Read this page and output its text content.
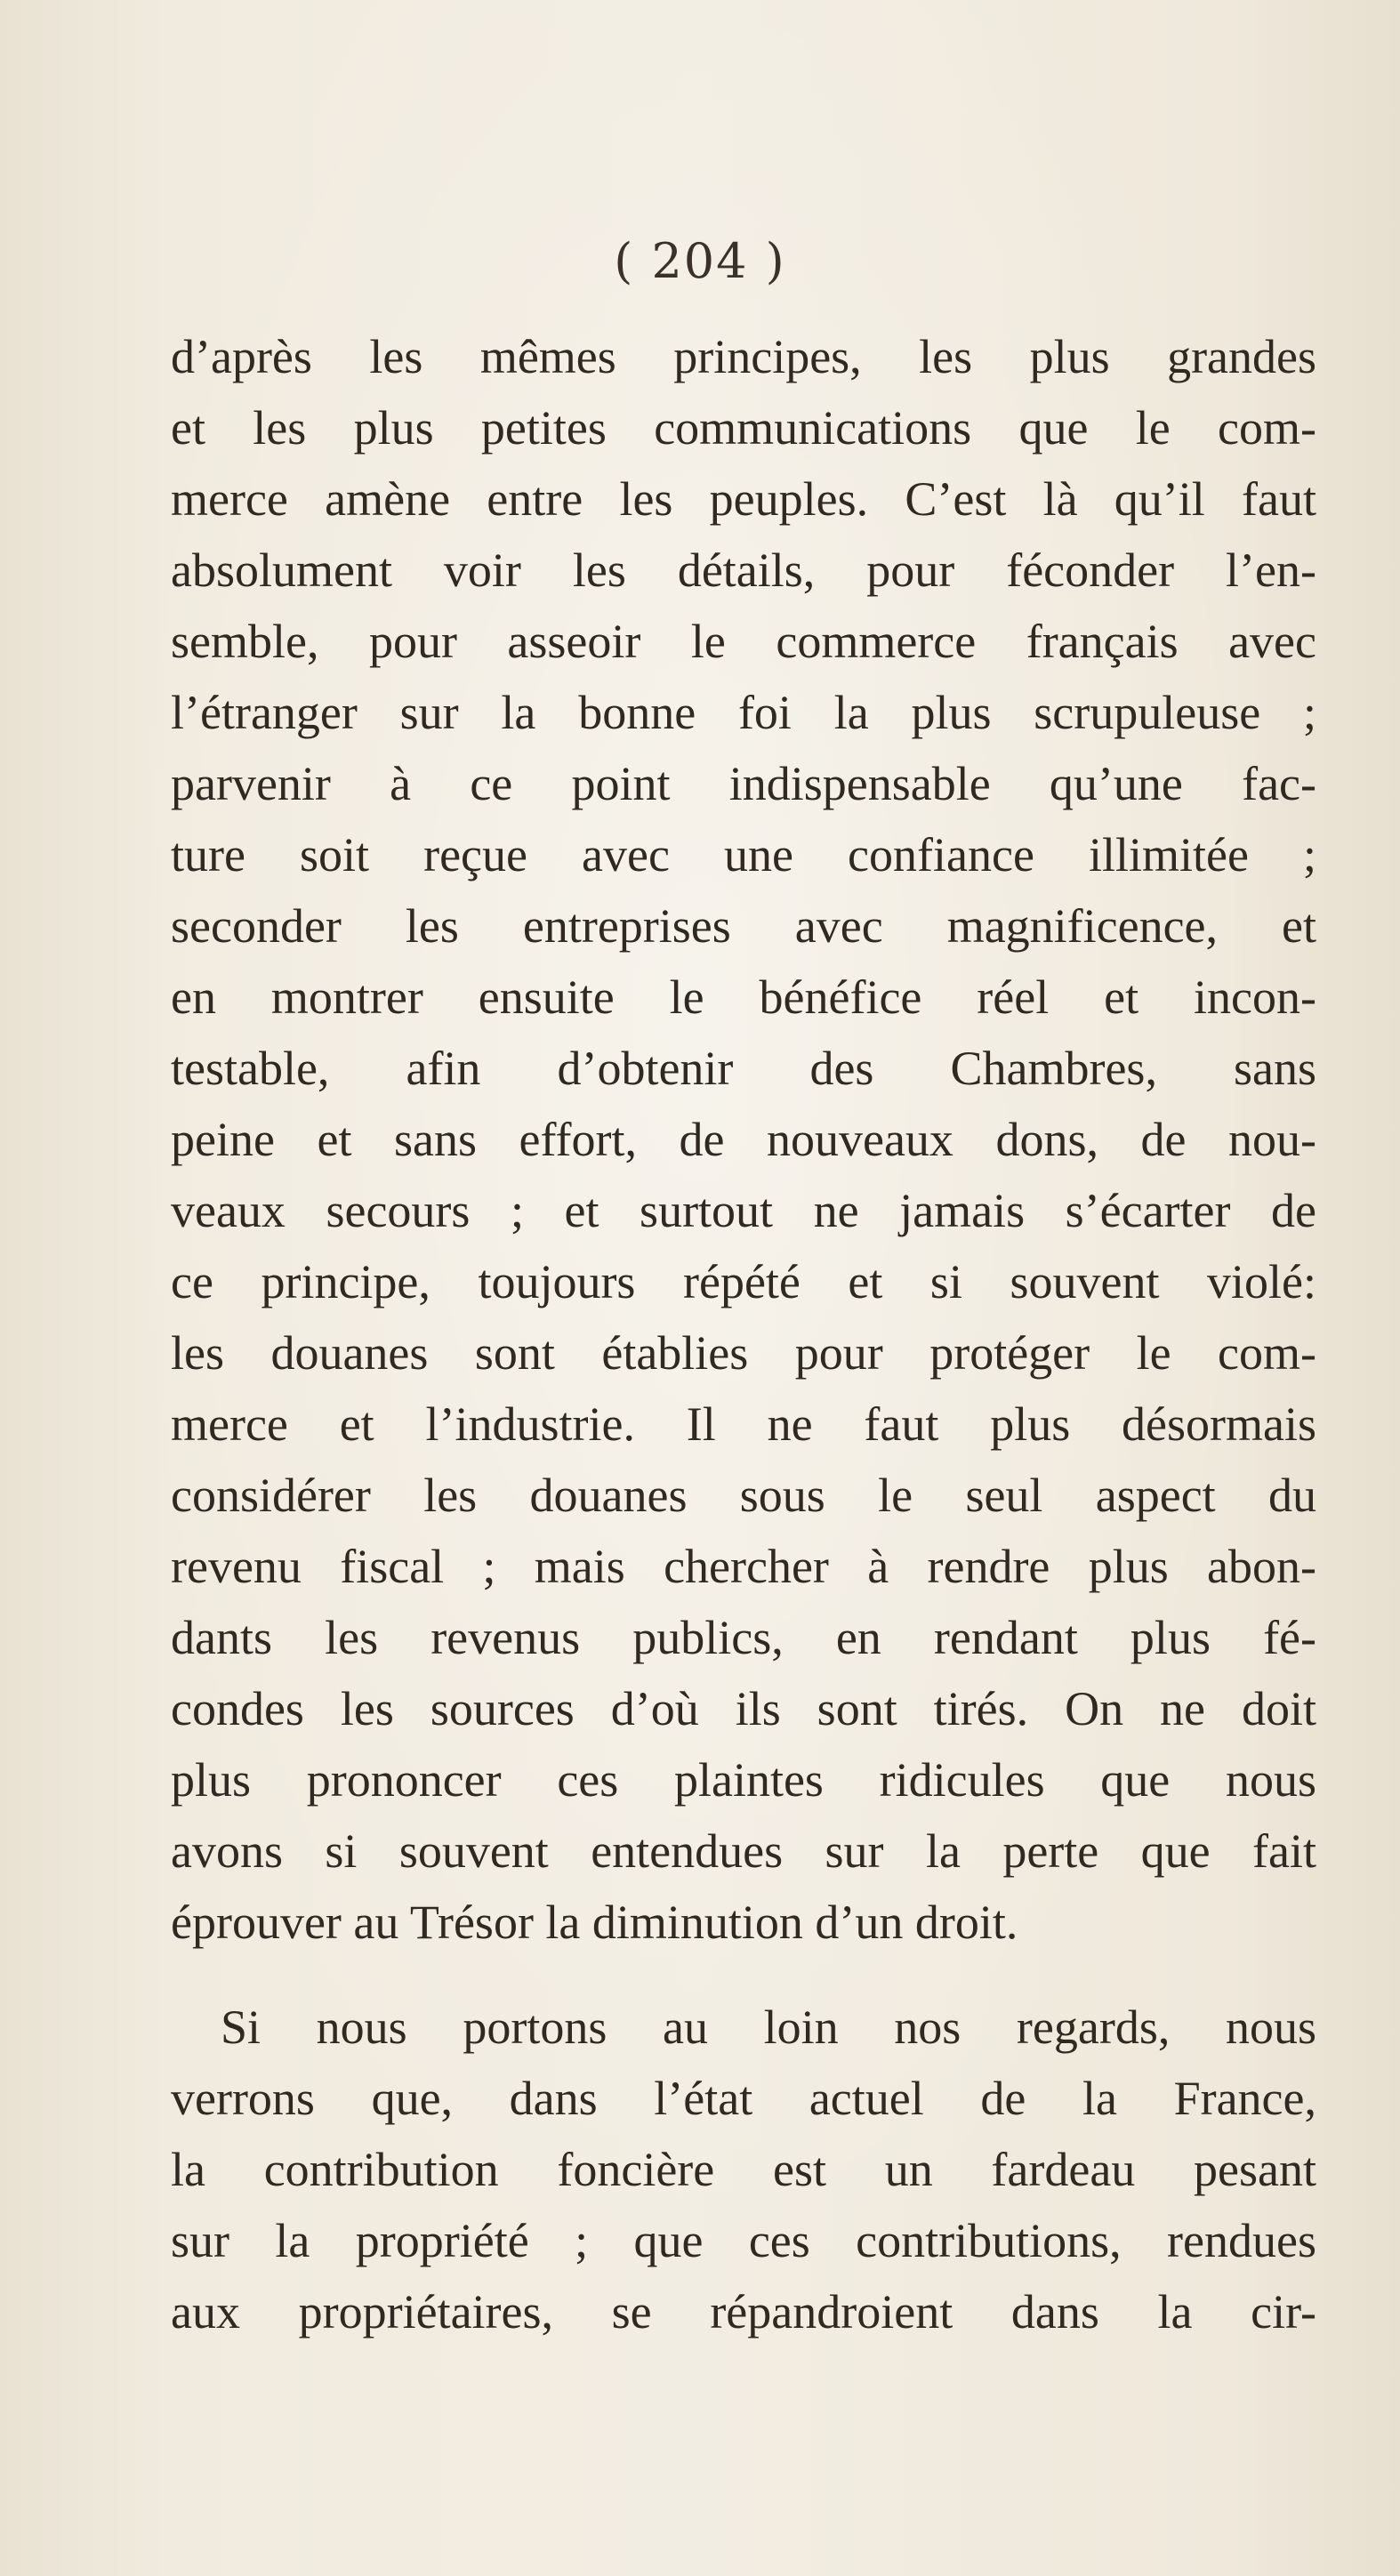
( 204 )
d’après les mêmes principes, les plus grandes
et les plus petites communications que le com-
merce amène entre les peuples. C’est là qu’il faut
absolument voir les détails, pour féconder l’en-
semble, pour asseoir le commerce français avec
l’étranger sur la bonne foi la plus scrupuleuse ;
parvenir à ce point indispensable qu’une fac-
ture soit reçue avec une confiance illimitée ;
seconder les entreprises avec magnificence, et
en montrer ensuite le bénéfice réel et incon-
testable, afin d’obtenir des Chambres, sans
peine et sans effort, de nouveaux dons, de nou-
veaux secours ; et surtout ne jamais s’écarter de
ce principe, toujours répété et si souvent violé:
les douanes sont établies pour protéger le com-
merce et l’industrie. Il ne faut plus désormais
considérer les douanes sous le seul aspect du
revenu fiscal ; mais chercher à rendre plus abon-
dants les revenus publics, en rendant plus fé-
condes les sources d’où ils sont tirés. On ne doit
plus prononcer ces plaintes ridicules que nous
avons si souvent entendues sur la perte que fait
éprouver au Trésor la diminution d’un droit.
Si nous portons au loin nos regards, nous
verrons que, dans l’état actuel de la France,
la contribution foncière est un fardeau pesant
sur la propriété ; que ces contributions, rendues
aux propriétaires, se répandroient dans la cir-
